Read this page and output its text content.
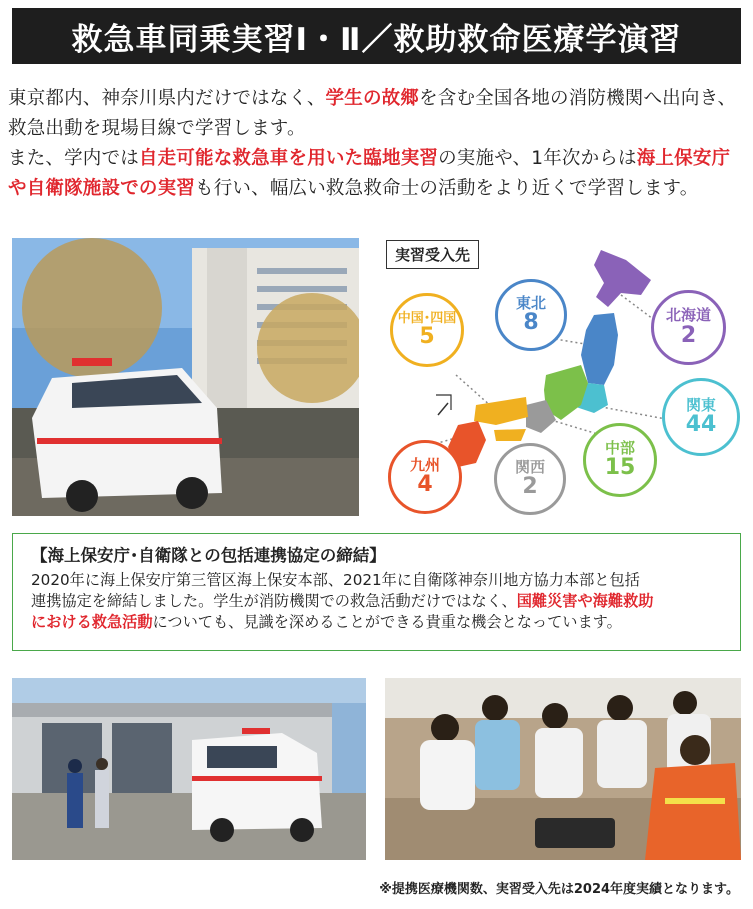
救急車同乗実習Ⅰ・Ⅱ／救助救命医療学演習

東京都内、神奈川県内だけではなく、学生の故郷を含む全国各地の消防機関へ出向き、救急出動を現場目線で学習します。

また、学内では自走可能な救急車を用いた臨地実習の実施や、1年次からは海上保安庁や自衛隊施設での実習も行い、幅広い救急救命士の活動をより近くで学習します。

実習受入先
東北
8	北海道
2
中国･四国
5
関東
44
中部
15
九州
4
関西
2
【海上保安庁･自衛隊との包括連携協定の締結】
2020年に海上保安庁第三管区海上保安本部、2021年に自衛隊神奈川地方協力本部と包括
連携協定を締結しました。学生が消防機関での救急活動だけではなく、国難災害や海難救助
における救急活動についても、見識を深めることができる貴重な機会となっています。
※提携医療機関数、実習受入先は2024年度実績となります。
